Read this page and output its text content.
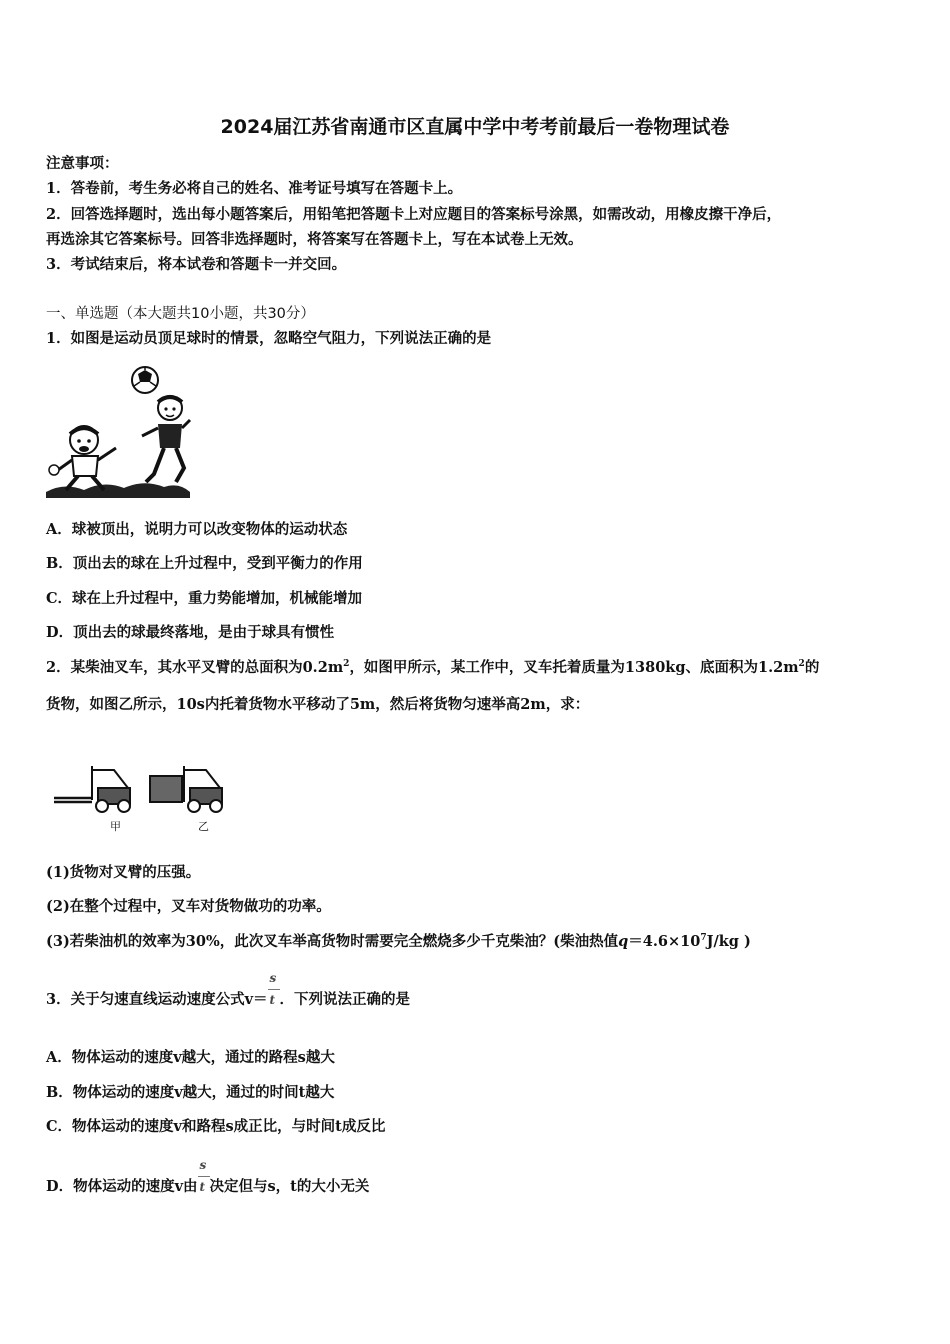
2024届江苏省南通市区直属中学中考考前最后一卷物理试卷
注意事项：
1．答卷前，考生务必将自己的姓名、准考证号填写在答题卡上。
2．回答选择题时，选出每小题答案后，用铅笔把答题卡上对应题目的答案标号涂黑，如需改动，用橡皮擦干净后，
再选涂其它答案标号。回答非选择题时，将答案写在答题卡上，写在本试卷上无效。
3．考试结束后，将本试卷和答题卡一并交回。
一、单选题（本大题共10小题，共30分）
1．如图是运动员顶足球时的情景，忽略空气阻力，下列说法正确的是
A．球被顶出，说明力可以改变物体的运动状态
B．顶出去的球在上升过程中，受到平衡力的作用
C．球在上升过程中，重力势能增加，机械能增加
D．顶出去的球最终落地，是由于球具有惯性
2．某柴油叉车，其水平叉臂的总面积为$0.2m^2$，如图甲所示，某工作中，叉车托着质量为1380kg、底面积为$1.2m^2$的
货物，如图乙所示，10s内托着货物水平移动了5m，然后将货物匀速举高2m，求：
甲	乙
(1)货物对叉臂的压强。
(2)在整个过程中，叉车对货物做功的功率。
(3)若柴油机的效率为30%，此次叉车举高货物时需要完全燃烧多少千克柴油？(柴油热值$q=4.6\times 10^7J/kg$ )
3．关于匀速直线运动速度公式$v= \frac{s}{t}$ ．下列说法正确的是
A．物体运动的速度v越大，通过的路程s越大
B．物体运动的速度v越大，通过的时间t越大
C．物体运动的速度v和路程s成正比，与时间t成反比
D．物体运动的速度v由 $\frac{s}{t}$ 决定但与s，t的大小无关
